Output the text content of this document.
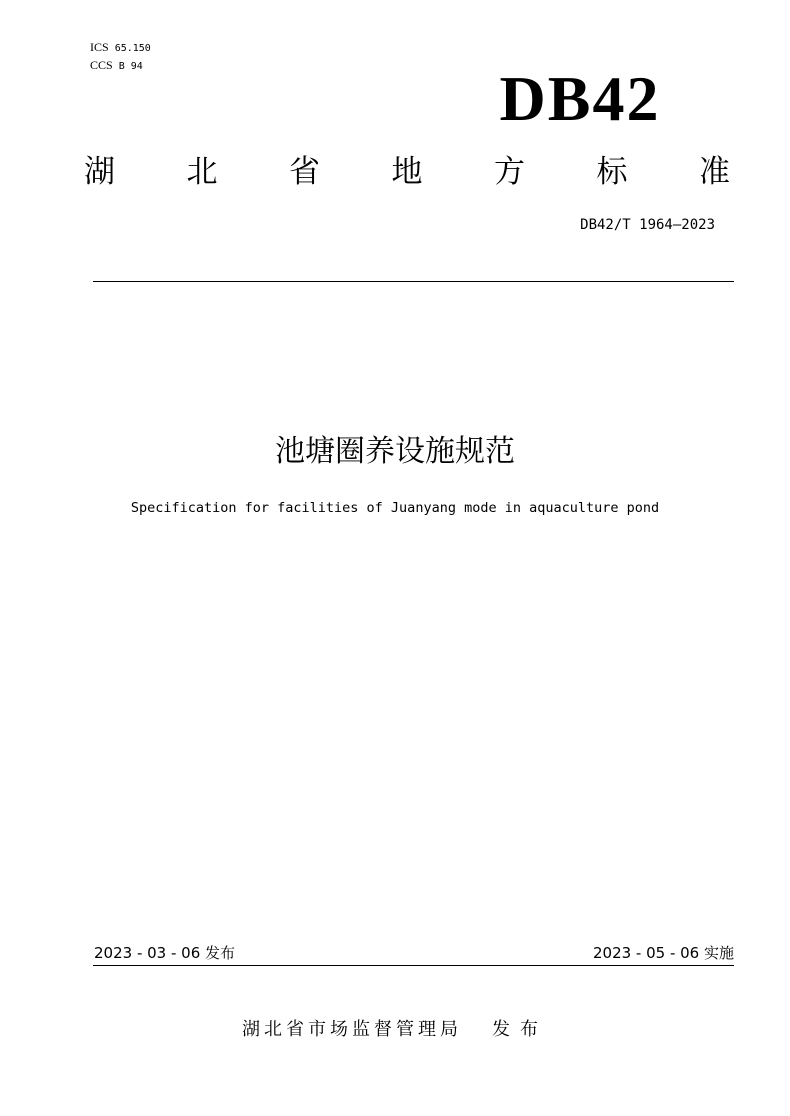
ICS 65.150
CCS B 94	DB42
湖 北 省 地 方 标 准
DB42/T 1964—2023
池塘圈养设施规范
Specification for facilities of Juanyang mode in aquaculture pond
2023 - 03 - 06 发布	2023 - 05 - 06 实施
湖北省市场监督管理局 发布
